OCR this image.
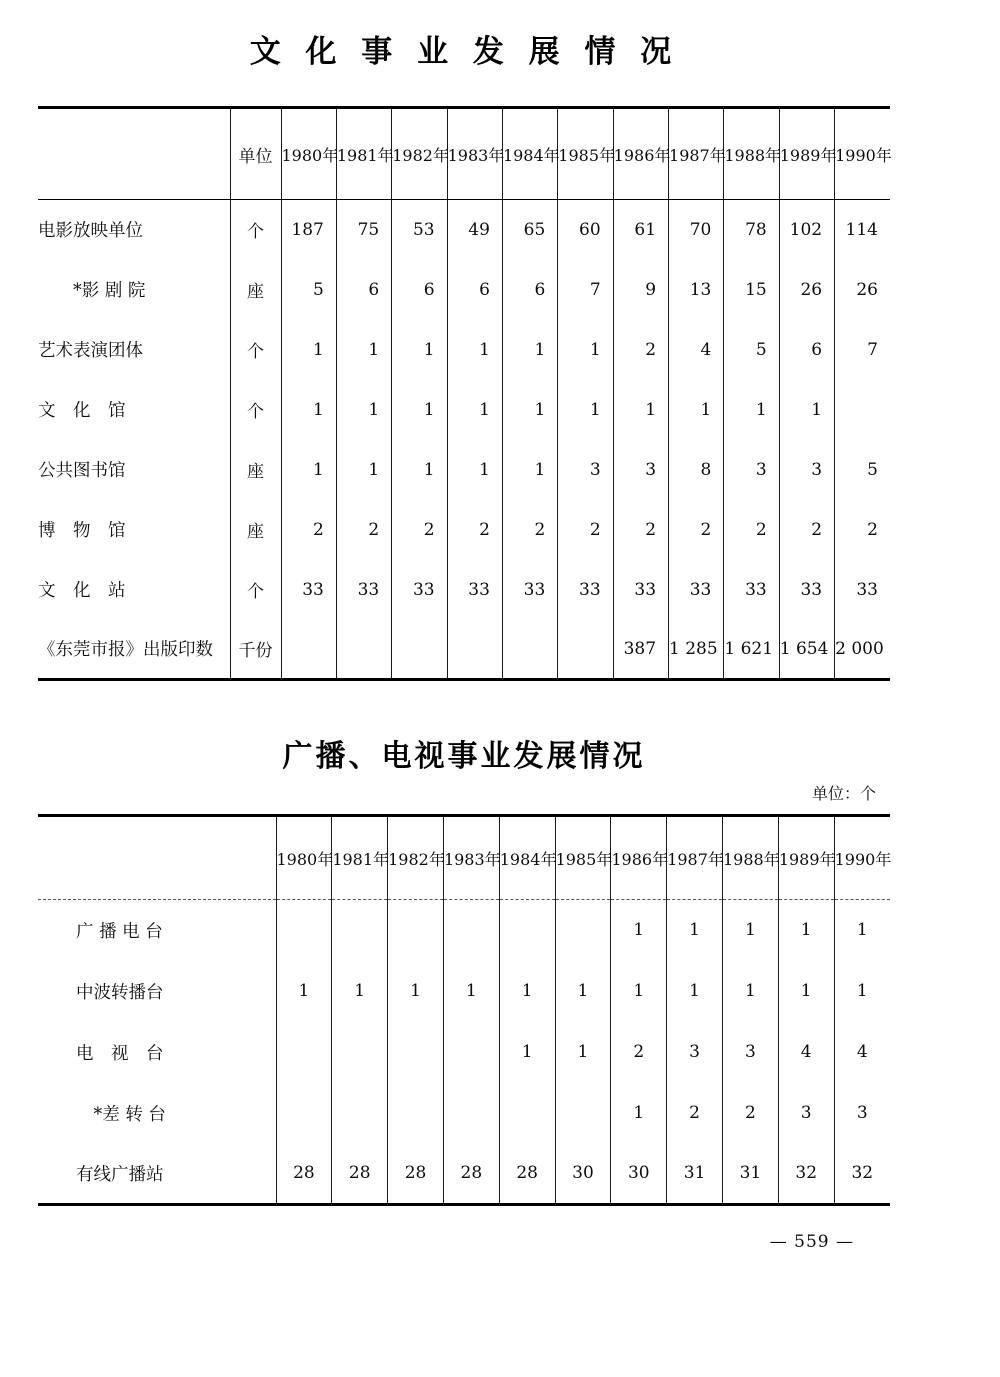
文 化 事 业 发 展 情 况
	单位	1980年	1981年	1982年	1983年	1984年	1985年	1986年	1987年	1988年	1989年	1990年
电影放映单位	个	187	75	53	49	65	60	61	70	78	102	114
　　*影 剧 院	座	5	6	6	6	6	7	9	13	15	26	26
艺术表演团体	个	1	1	1	1	1	1	2	4	5	6	7
文　化　馆	个	1	1	1	1	1	1	1	1	1	1	
公共图书馆	座	1	1	1	1	1	3	3	8	3	3	5
博　物　馆	座	2	2	2	2	2	2	2	2	2	2	2
文　化　站	个	33	33	33	33	33	33	33	33	33	33	33
《东莞市报》出版印数	千份							387	1 285	1 621	1 654	2 000
广播、电视事业发展情况
单位：个
	1980年	1981年	1982年	1983年	1984年	1985年	1986年	1987年	1988年	1989年	1990年
广 播 电 台							1	1	1	1	1
中波转播台	1	1	1	1	1	1	1	1	1	1	1
电　视　台					1	1	2	3	3	4	4
　*差 转 台							1	2	2	3	3
有线广播站	28	28	28	28	28	30	30	31	31	32	32
— 559 —
